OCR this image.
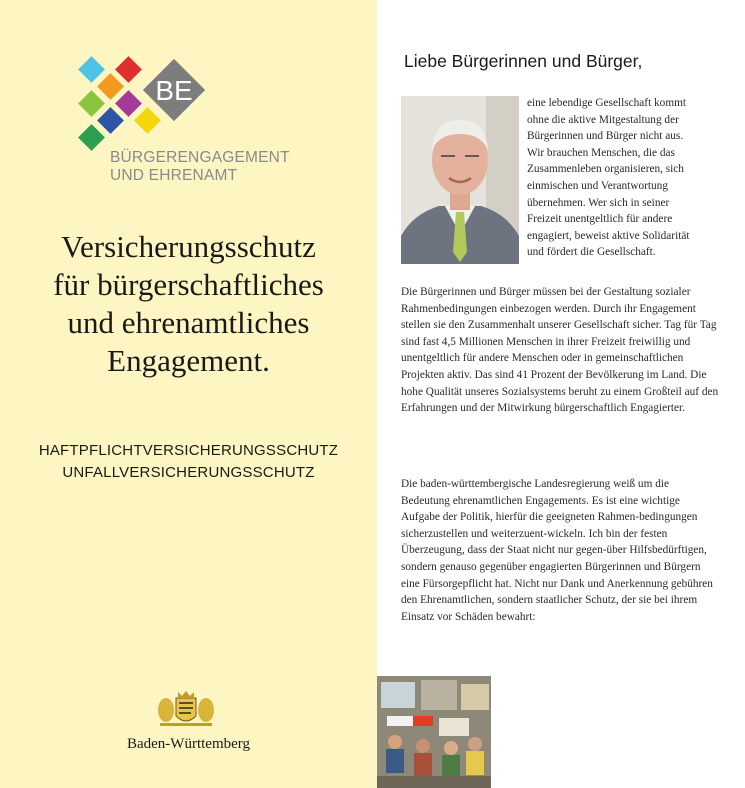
BE
BÜRGERENGAGEMENT
UND EHRENAMT
Versicherungsschutz
für bürgerschaftliches
und ehrenamtliches
Engagement.
HAFTPFLICHTVERSICHERUNGSSCHUTZ
UNFALLVERSICHERUNGSSCHUTZ
Baden-Württemberg
Liebe Bürgerinnen und Bürger,

eine lebendige Gesellschaft kommt ohne die aktive Mitgestaltung der Bürgerinnen und Bürger nicht aus. Wir brauchen Menschen, die das Zusammenleben organisieren, sich einmischen und Verantwortung übernehmen. Wer sich in seiner Freizeit unentgeltlich für andere engagiert, beweist aktive Solidarität und fördert die Gesellschaft.

Die Bürgerinnen und Bürger müssen bei der Gestaltung sozialer Rahmenbedingungen einbezogen werden. Durch ihr Engagement stellen sie den Zusammenhalt unserer Gesellschaft sicher. Tag für Tag sind fast 4,5 Millionen Menschen in ihrer Freizeit freiwillig und unentgeltlich für andere Menschen oder in gemeinschaftlichen Projekten aktiv. Das sind 41 Prozent der Bevölkerung im Land. Die hohe Qualität unseres Sozialsystems beruht zu einem Großteil auf den Erfahrungen und der Mitwirkung bürgerschaftlich Engagierter.

Die baden-württembergische Landesregierung weiß um die Bedeutung ehrenamtlichen Engagements. Es ist eine wichtige Aufgabe der Politik, hierfür die geeigneten Rahmen-bedingungen sicherzustellen und weiterzuent-wickeln. Ich bin der festen Überzeugung, dass der Staat nicht nur gegen-über Hilfsbedürftigen, sondern genauso gegenüber engagierten Bürgerinnen und Bürgern eine Fürsorgepflicht hat. Nicht nur Dank und Anerkennung gebühren den Ehrenamtlichen, sondern staatlicher Schutz, der sie bei ihrem Einsatz vor Schäden bewahrt:
